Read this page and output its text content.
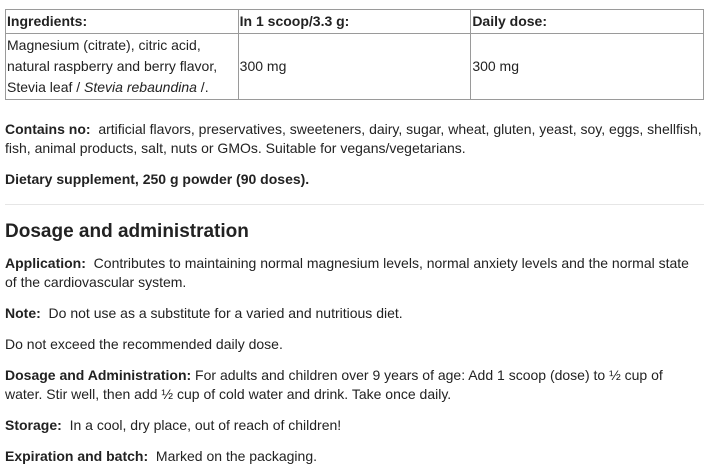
Ingredients:	In 1 scoop/3.3 g:	Daily dose:
Magnesium (citrate), citric acid,
natural raspberry and berry flavor,
Stevia leaf / Stevia rebaundina /.	300 mg	300 mg

Contains no:  artificial flavors, preservatives, sweeteners, dairy, sugar, wheat, gluten, yeast, soy, eggs, shellfish, fish, animal products, salt, nuts or GMOs. Suitable for vegans/vegetarians.

Dietary supplement, 250 g powder (90 doses).

Dosage and administration

Application:  Contributes to maintaining normal magnesium levels, normal anxiety levels and the normal state of the cardiovascular system.

Note:  Do not use as a substitute for a varied and nutritious diet.

Do not exceed the recommended daily dose.

Dosage and Administration: For adults and children over 9 years of age: Add 1 scoop (dose) to ½ cup of water. Stir well, then add ½ cup of cold water and drink. Take once daily.

Storage:  In a cool, dry place, out of reach of children!

Expiration and batch:  Marked on the packaging.
